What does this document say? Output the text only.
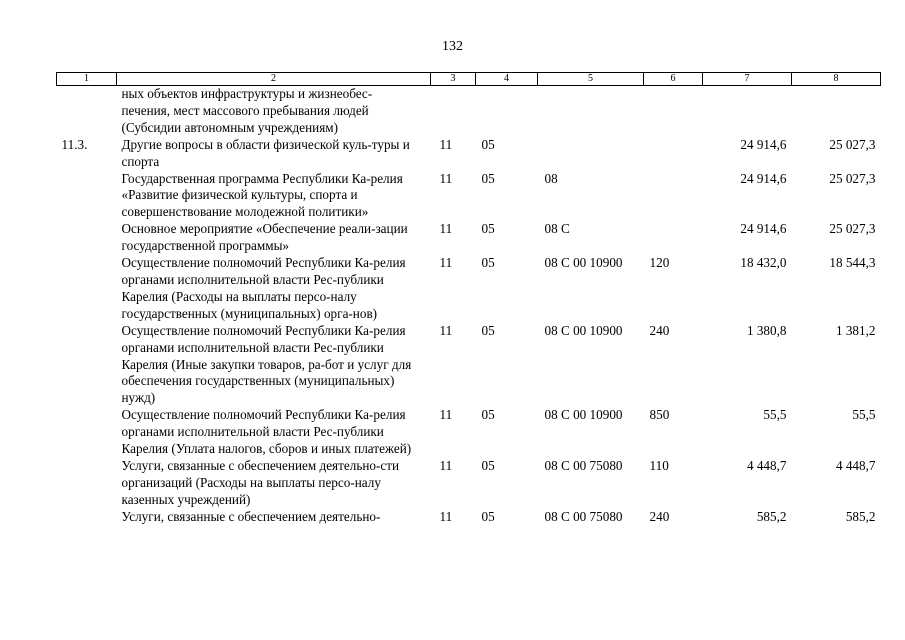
132
1	2	3	4	5	6	7	8
	ных объектов инфраструктуры и жизнеобес-печения, мест массового пребывания людей (Субсидии автономным учреждениям)						
11.3.	Другие вопросы в области физической куль-туры и спорта	11	05			24 914,6	25 027,3
	Государственная программа Республики Ка-релия «Развитие физической культуры, спорта и совершенствование молодежной политики»	11	05	08		24 914,6	25 027,3
	Основное мероприятие «Обеспечение реали-зации государственной программы»	11	05	08 С		24 914,6	25 027,3
	Осуществление полномочий Республики Ка-релия органами исполнительной власти Рес-публики Карелия (Расходы на выплаты персо-налу государственных (муниципальных) орга-нов)	11	05	08 С 00 10900	120	18 432,0	18 544,3
	Осуществление полномочий Республики Ка-релия органами исполнительной власти Рес-публики Карелия (Иные закупки товаров, ра-бот и услуг для обеспечения государственных (муниципальных) нужд)	11	05	08 С 00 10900	240	1 380,8	1 381,2
	Осуществление полномочий Республики Ка-релия органами исполнительной власти Рес-публики Карелия (Уплата налогов, сборов и иных платежей)	11	05	08 С 00 10900	850	55,5	55,5
	Услуги, связанные с обеспечением деятельно-сти организаций (Расходы на выплаты персо-налу казенных учреждений)	11	05	08 С 00 75080	110	4 448,7	4 448,7
	Услуги, связанные с обеспечением деятельно-	11	05	08 С 00 75080	240	585,2	585,2
